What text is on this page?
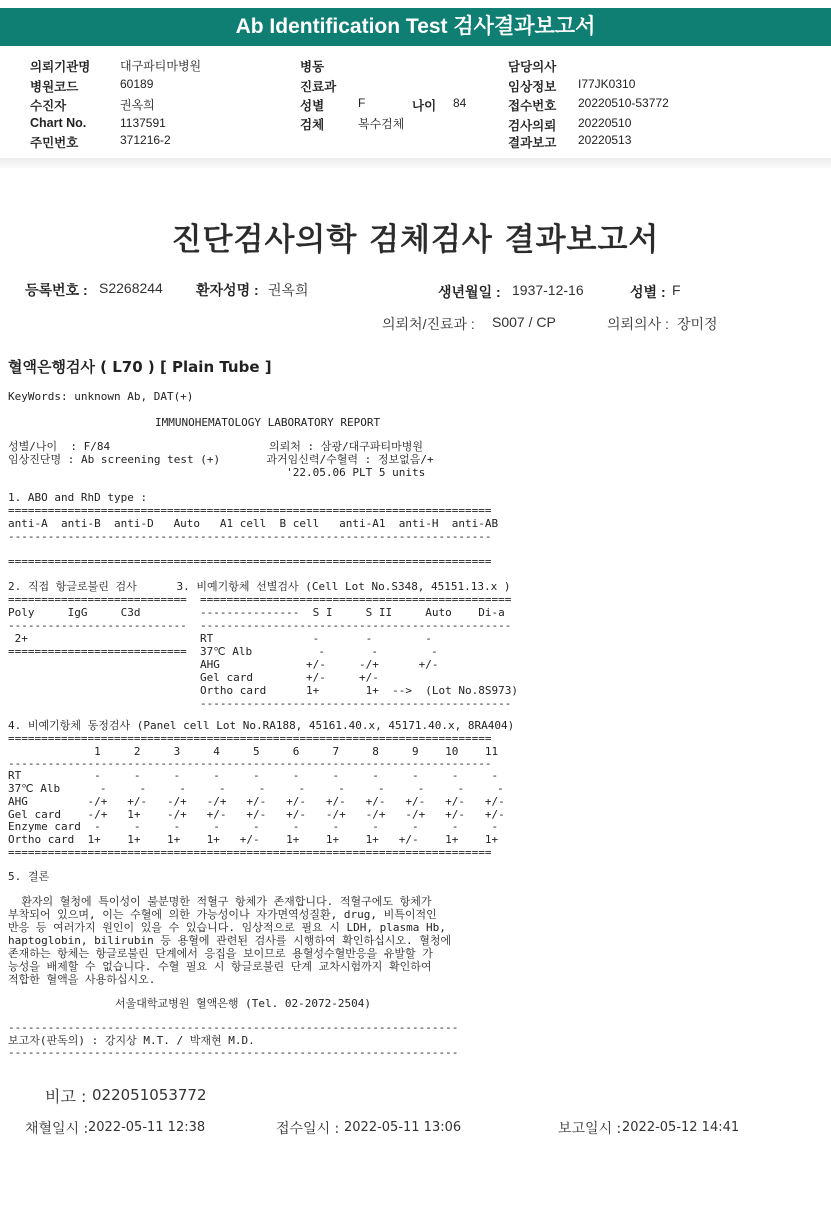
Ab Identification Test 검사결과보고서
의뢰기관명 대구파티마병원
병원코드	60189
수진자	권옥희
Chart No.	1137591
주민번호	371216-2
병동
진료과
성별	F	나이 84
검체	복수검체
담당의사
임상정보 I77JK0310
접수번호 20220510-53772
검사의뢰 20220510
결과보고 20220513
진단검사의학 검체검사 결과보고서
등록번호 : S2268244 환자성명 : 권옥희	생년월일 : 1937-12-16	성별 : F
의뢰처/진료과 : S007 / CP	의뢰의사 : 장미정
혈액은행검사 ( L70 ) [ Plain Tube ]
KeyWords: unknown Ab, DAT(+)
IMMUNOHEMATOLOGY LABORATORY REPORT
성별/나이  : F/84                        의뢰처 : 삼광/대구파티마병원
임상진단명 : Ab screening test (+)       과거임신력/수혈력 : 정보없음/+
'22.05.06 PLT 5 units
1. ABO and RhD type :
=========================================================================
anti-A  anti-B  anti-D   Auto   A1 cell  B cell   anti-A1  anti-H  anti-AB
-------------------------------------------------------------------------
=========================================================================
2. 직접 항글로불린 검사      3. 비예기항체 선별검사 (Cell Lot No.S348, 45151.13.x )
===========================  ===============================================
Poly     IgG     C3d         ---------------  S I     S II     Auto    Di-a
---------------------------  -----------------------------------------------
2+                          RT               -       -        -
===========================  37℃ Alb          -       -        -
AHG             +/-     -/+      +/-
Gel card        +/-     +/-
Ortho card      1+       1+  -->  (Lot No.8S973)
-----------------------------------------------
4. 비예기항체 동정검사 (Panel cell Lot No.RA188, 45161.40.x, 45171.40.x, 8RA404)
=========================================================================
1     2     3     4     5     6     7     8     9    10    11
-------------------------------------------------------------------------
RT           -     -     -     -     -     -     -     -     -     -     -
37℃ Alb      -     -     -     -     -     -     -     -     -     -     -
AHG         -/+   +/-   -/+   -/+   +/-   +/-   +/-   +/-   +/-   +/-   +/-
Gel card    -/+   1+    -/+   +/-   +/-   +/-   -/+   -/+   -/+   +/-   +/-
Enzyme card  -     -     -     -     -     -     -     -     -     -     -
Ortho card  1+    1+    1+    1+   +/-    1+    1+    1+   +/-    1+    1+
=========================================================================
5. 결론
환자의 혈청에 특이성이 불분명한 적혈구 항체가 존재합니다. 적혈구에도 항체가
부착되어 있으며, 이는 수혈에 의한 가능성이나 자가면역성질환, drug, 비특이적인
반응 등 여러가지 원인이 있을 수 있습니다. 임상적으로 필요 시 LDH, plasma Hb,
haptoglobin, bilirubin 등 용혈에 관련된 검사를 시행하여 확인하십시오. 혈청에
존재하는 항체는 항글로불린 단계에서 응집을 보이므로 용혈성수혈반응을 유발할 가
능성을 배제할 수 없습니다. 수혈 필요 시 항글로불린 단계 교차시험까지 확인하여
적합한 혈액을 사용하십시오.
서울대학교병원 혈액은행 (Tel. 02-2072-2504)
--------------------------------------------------------------------
보고자(판독의) : 강지상 M.T. / 박재현 M.D.
--------------------------------------------------------------------
비고 : 022051053772
채혈일시 : 2022-05-11 12:38	접수일시 : 2022-05-11 13:06	보고일시 : 2022-05-12 14:41
